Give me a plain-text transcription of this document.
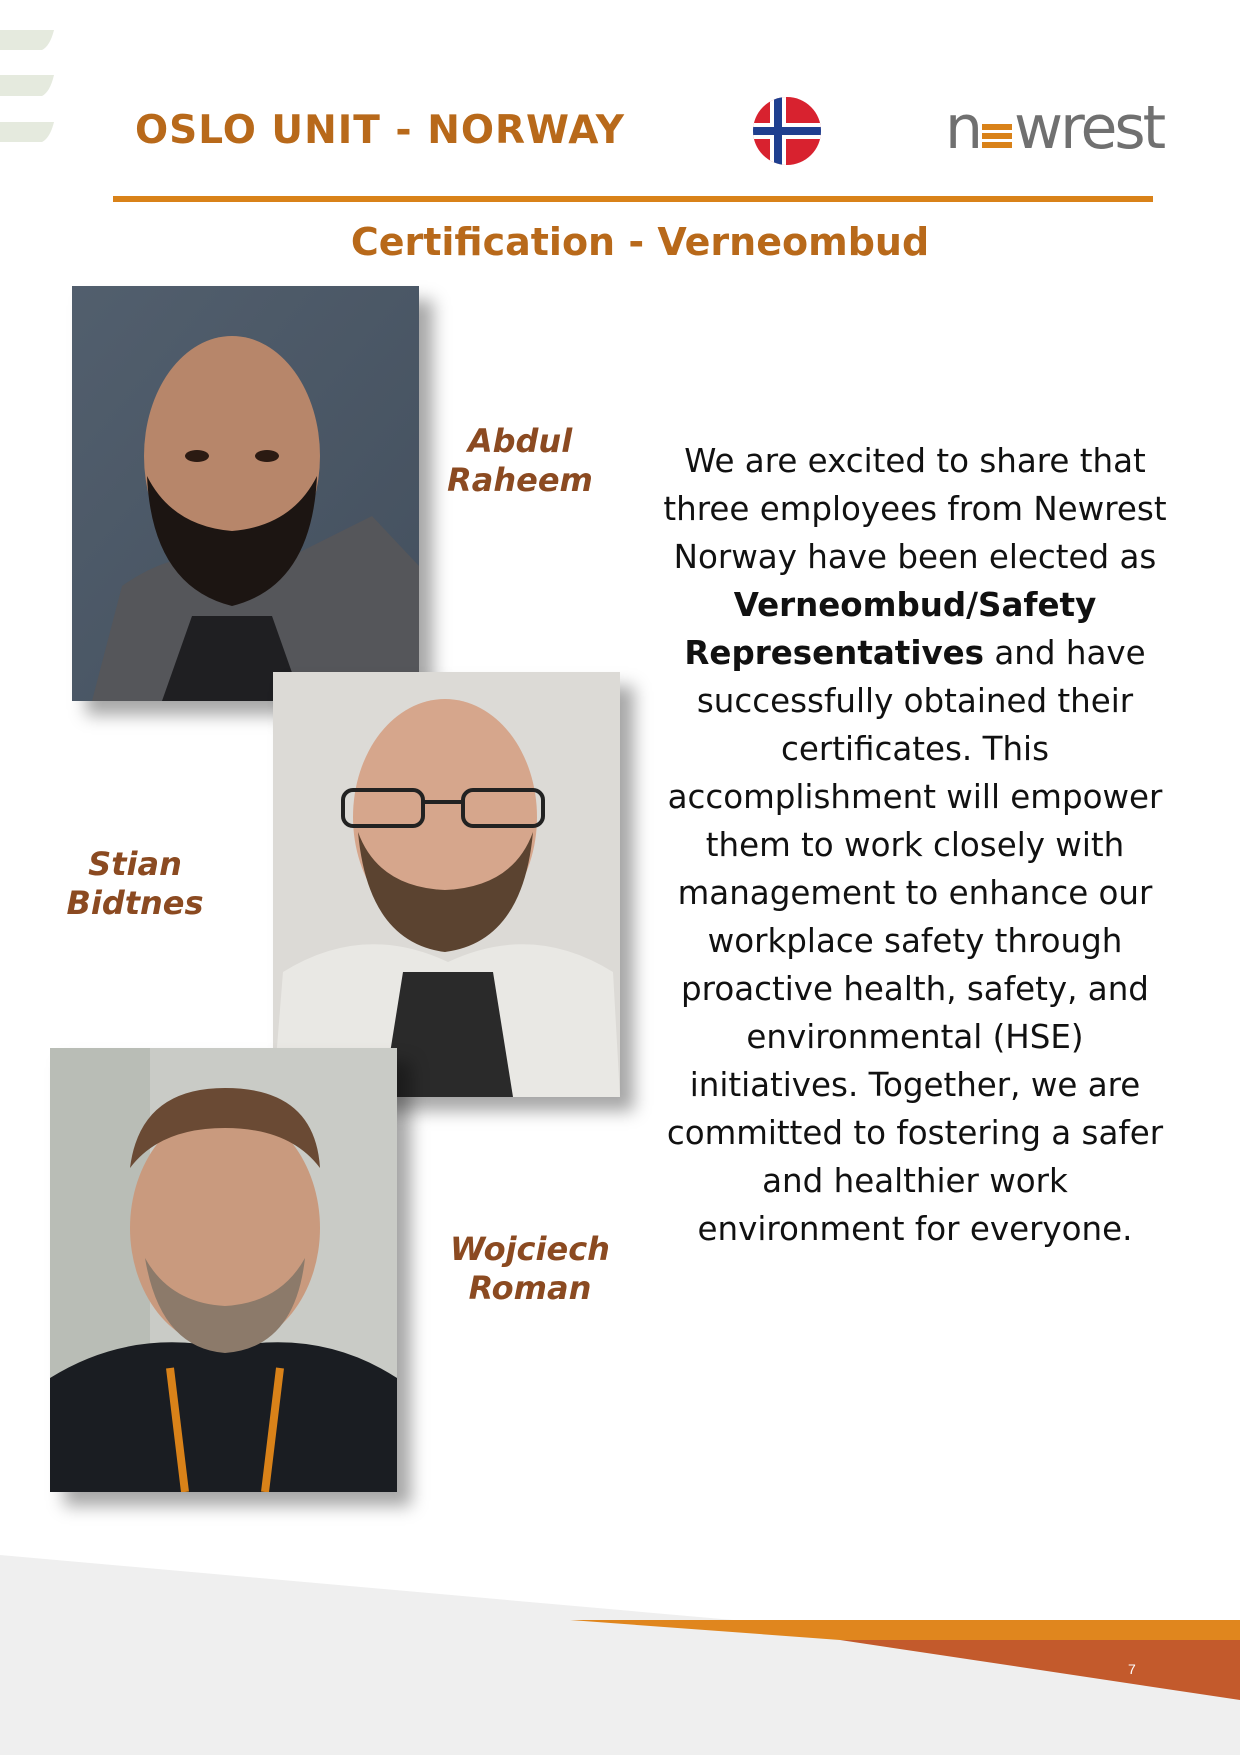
OSLO UNIT - NORWAY	n wrest
Certification - Verneombud
Abdul
Raheem
Stian
Bidtnes
Wojciech
Roman
We are excited to share that three employees from Newrest Norway have been elected as Verneombud/Safety Representatives and have successfully obtained their certificates. This accomplishment will empower them to work closely with management to enhance our workplace safety through proactive health, safety, and environmental (HSE) initiatives. Together, we are committed to fostering a safer and healthier work environment for everyone.
7
